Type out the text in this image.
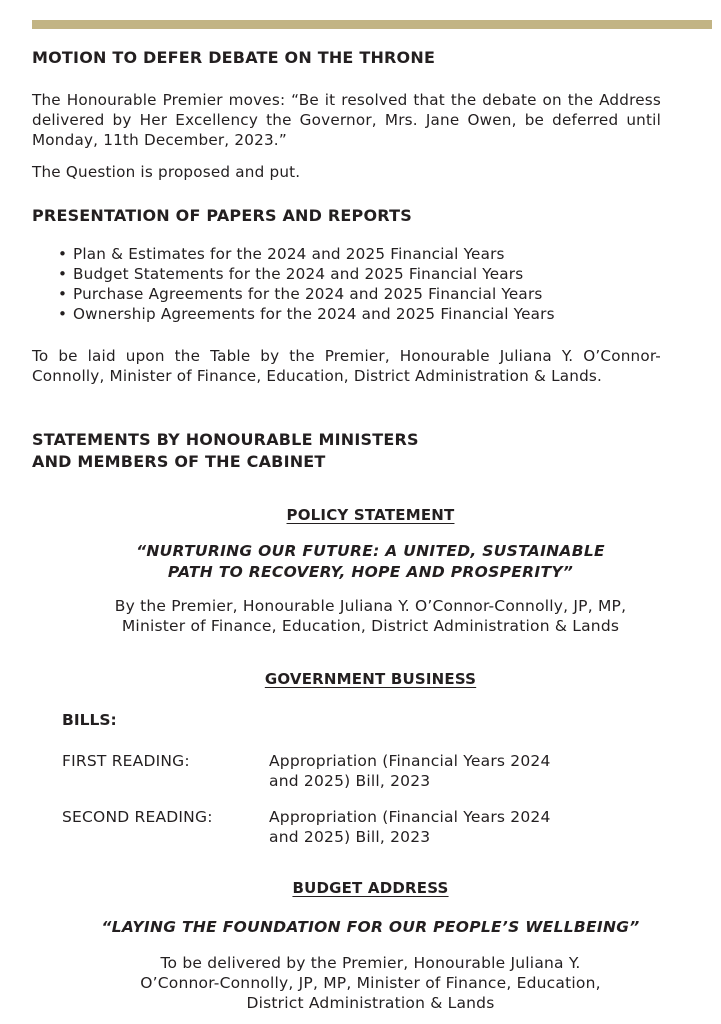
MOTION TO DEFER DEBATE ON THE THRONE

The Honourable Premier moves: “Be it resolved that the debate on the Address delivered by Her Excellency the Governor, Mrs. Jane Owen, be deferred until Monday, 11th December, 2023.”

The Question is proposed and put.

PRESENTATION OF PAPERS AND REPORTS
• Plan & Estimates for the 2024 and 2025 Financial Years
• Budget Statements for the 2024 and 2025 Financial Years
• Purchase Agreements for the 2024 and 2025 Financial Years
• Ownership Agreements for the 2024 and 2025 Financial Years

To be laid upon the Table by the Premier, Honourable Juliana Y. O’Connor-Connolly, Minister of Finance, Education, District Administration & Lands.

STATEMENTS BY HONOURABLE MINISTERS
AND MEMBERS OF THE CABINET

POLICY STATEMENT

“NURTURING OUR FUTURE: A UNITED, SUSTAINABLE

PATH TO RECOVERY, HOPE AND PROSPERITY”

By the Premier, Honourable Juliana Y. O’Connor-Connolly, JP, MP,

Minister of Finance, Education, District Administration & Lands

GOVERNMENT BUSINESS

BILLS:

FIRST READING:	Appropriation (Financial Years 2024
and 2025) Bill, 2023
SECOND READING:	Appropriation (Financial Years 2024
and 2025) Bill, 2023

BUDGET ADDRESS

“LAYING THE FOUNDATION FOR OUR PEOPLE’S WELLBEING”

To be delivered by the Premier, Honourable Juliana Y.

O’Connor-Connolly, JP, MP, Minister of Finance, Education,

District Administration & Lands
